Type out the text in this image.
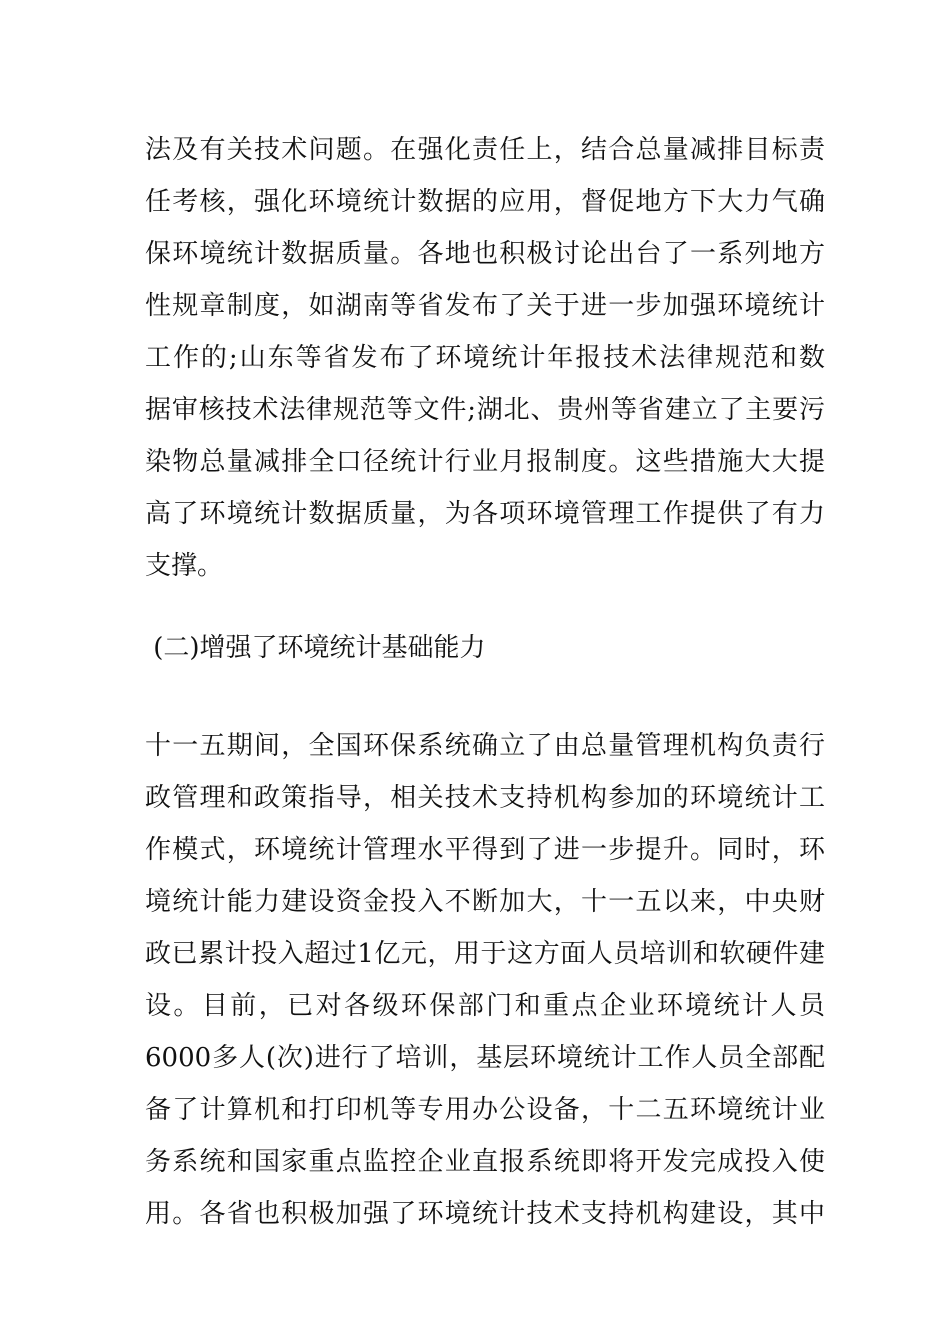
法及有关技术问题。在强化责任上，结合总量减排目标责
任考核，强化环境统计数据的应用，督促地方下大力气确
保环境统计数据质量。各地也积极讨论出台了一系列地方
性规章制度，如湖南等省发布了关于进一步加强环境统计
工作的;山东等省发布了环境统计年报技术法律规范和数
据审核技术法律规范等文件;湖北、贵州等省建立了主要污
染物总量减排全口径统计行业月报制度。这些措施大大提
高了环境统计数据质量，为各项环境管理工作提供了有力
支撑。
(二)增强了环境统计基础能力
十一五期间，全国环保系统确立了由总量管理机构负责行
政管理和政策指导，相关技术支持机构参加的环境统计工
作模式，环境统计管理水平得到了进一步提升。同时，环
境统计能力建设资金投入不断加大，十一五以来，中央财
政已累计投入超过1亿元，用于这方面人员培训和软硬件建
设。目前，已对各级环保部门和重点企业环境统计人员
6000多人(次)进行了培训，基层环境统计工作人员全部配
备了计算机和打印机等专用办公设备，十二五环境统计业
务系统和国家重点监控企业直报系统即将开发完成投入使
用。各省也积极加强了环境统计技术支持机构建设，其中
